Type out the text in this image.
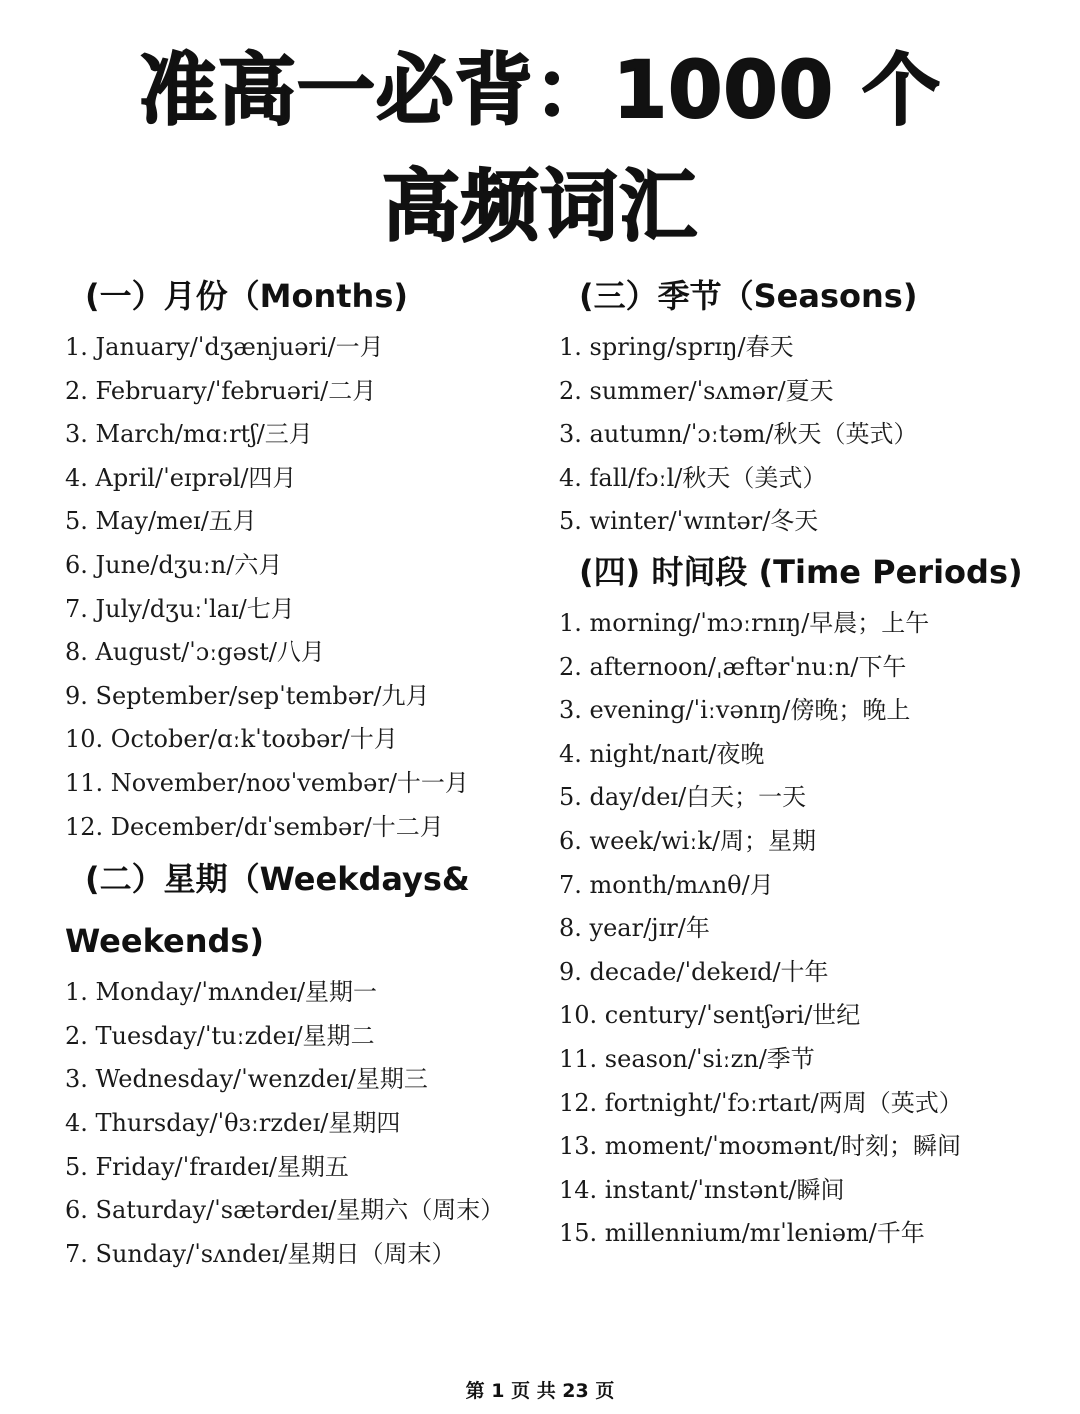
准高一必背：1000 个
高频词汇
(一）月份（Months)
1. January/ˈdʒænjuəri/一月
2. February/ˈfebruəri/二月
3. March/mɑːrtʃ/三月
4. April/ˈeɪprəl/四月
5. May/meɪ/五月
6. June/dʒuːn/六月
7. July/dʒuːˈlaɪ/七月
8. August/ˈɔːgəst/八月
9. September/sepˈtembər/九月
10. October/ɑːkˈtoʊbər/十月
11. November/noʊˈvembər/十一月
12. December/dɪˈsembər/十二月
(二）星期（Weekdays&
Weekends)
1. Monday/ˈmʌndeɪ/星期一
2. Tuesday/ˈtuːzdeɪ/星期二
3. Wednesday/ˈwenzdeɪ/星期三
4. Thursday/ˈθɜːrzdeɪ/星期四
5. Friday/ˈfraɪdeɪ/星期五
6. Saturday/ˈsætərdeɪ/星期六（周末）
7. Sunday/ˈsʌndeɪ/星期日（周末）
(三）季节（Seasons)
1. spring/sprɪŋ/春天
2. summer/ˈsʌmər/夏天
3. autumn/ˈɔːtəm/秋天（英式）
4. fall/fɔːl/秋天（美式）
5. winter/ˈwɪntər/冬天
(四) 时间段 (Time Periods)
1. morning/ˈmɔːrnɪŋ/早晨；上午
2. afternoon/ˌæftərˈnuːn/下午
3. evening/ˈiːvənɪŋ/傍晚；晚上
4. night/naɪt/夜晚
5. day/deɪ/白天；一天
6. week/wiːk/周；星期
7. month/mʌnθ/月
8. year/jɪr/年
9. decade/ˈdekeɪd/十年
10. century/ˈsentʃəri/世纪
11. season/ˈsiːzn/季节
12. fortnight/ˈfɔːrtaɪt/两周（英式）
13. moment/ˈmoʊmənt/时刻；瞬间
14. instant/ˈɪnstənt/瞬间
15. millennium/mɪˈleniəm/千年
第 1 页 共 23 页
